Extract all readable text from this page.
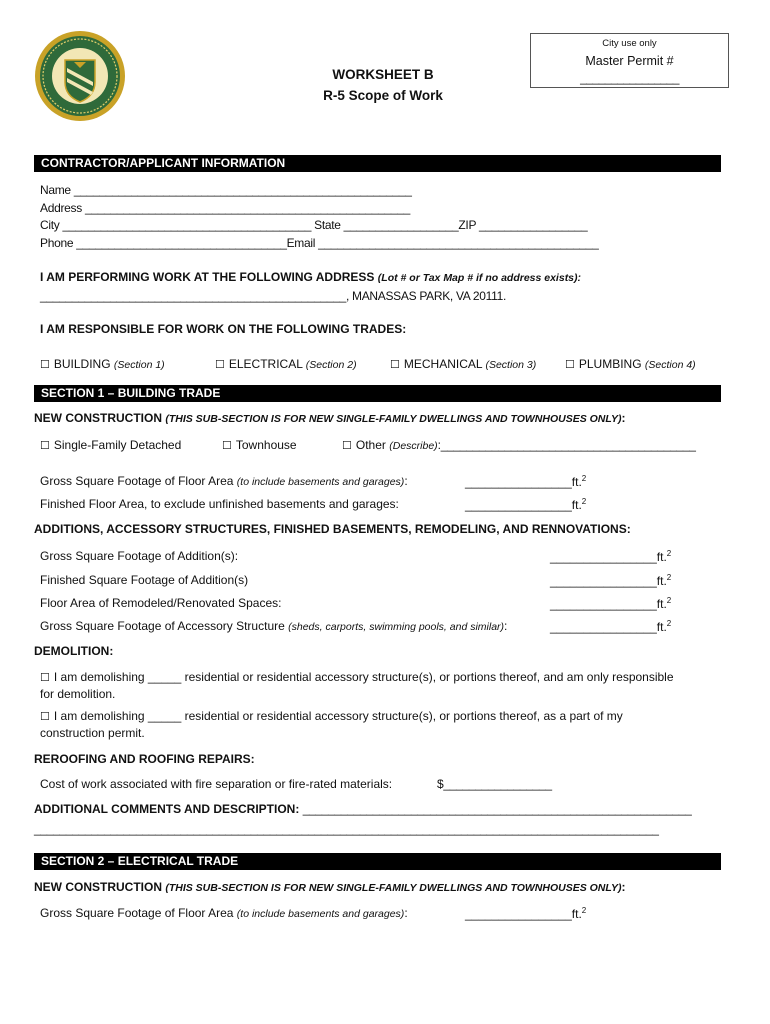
City use only
Master Permit #
________________
WORKSHEET B
R-5 Scope of Work
CONTRACTOR/APPLICANT INFORMATION
Name _____________________________________________________
Address ___________________________________________________
City _______________________________________ State __________________ZIP _________________
Phone _________________________________Email ____________________________________________
I AM PERFORMING WORK AT THE FOLLOWING ADDRESS (Lot # or Tax Map # if no address exists):
________________________________________________, MANASSAS PARK, VA 20111.
I AM RESPONSIBLE FOR WORK ON THE FOLLOWING TRADES:
☐ BUILDING (Section 1)	☐ ELECTRICAL (Section 2)	☐ MECHANICAL (Section 3)	☐ PLUMBING (Section 4)
SECTION 1 – BUILDING TRADE
NEW CONSTRUCTION (THIS SUB-SECTION IS FOR NEW SINGLE-FAMILY DWELLINGS AND TOWNHOUSES ONLY):
☐ Single-Family Detached	☐ Townhouse	☐ Other (Describe):________________________________________
Gross Square Footage of Floor Area (to include basements and garages):	________________ft.$^2$
Finished Floor Area, to exclude unfinished basements and garages:	________________ft.$^2$
ADDITIONS, ACCESSORY STRUCTURES, FINISHED BASEMENTS, REMODELING, AND RENNOVATIONS:
Gross Square Footage of Addition(s):	________________ft.$^2$
Finished Square Footage of Addition(s)	________________ft.$^2$
Floor Area of Remodeled/Renovated Spaces:	________________ft.$^2$
Gross Square Footage of Accessory Structure (sheds, carports, swimming pools, and similar):	________________ft.$^2$
DEMOLITION:
☐ I am demolishing _____ residential or residential accessory structure(s), or portions thereof, and am only responsible
for demolition.
☐ I am demolishing _____ residential or residential accessory structure(s), or portions thereof, as a part of my
construction permit.
REROOFING AND ROOFING REPAIRS:
Cost of work associated with fire separation or fire-rated materials:	$_________________
ADDITIONAL COMMENTS AND DESCRIPTION: _____________________________________________________________
__________________________________________________________________________________________________
SECTION 2 – ELECTRICAL TRADE
NEW CONSTRUCTION (THIS SUB-SECTION IS FOR NEW SINGLE-FAMILY DWELLINGS AND TOWNHOUSES ONLY):
Gross Square Footage of Floor Area (to include basements and garages):	________________ft.$^2$
